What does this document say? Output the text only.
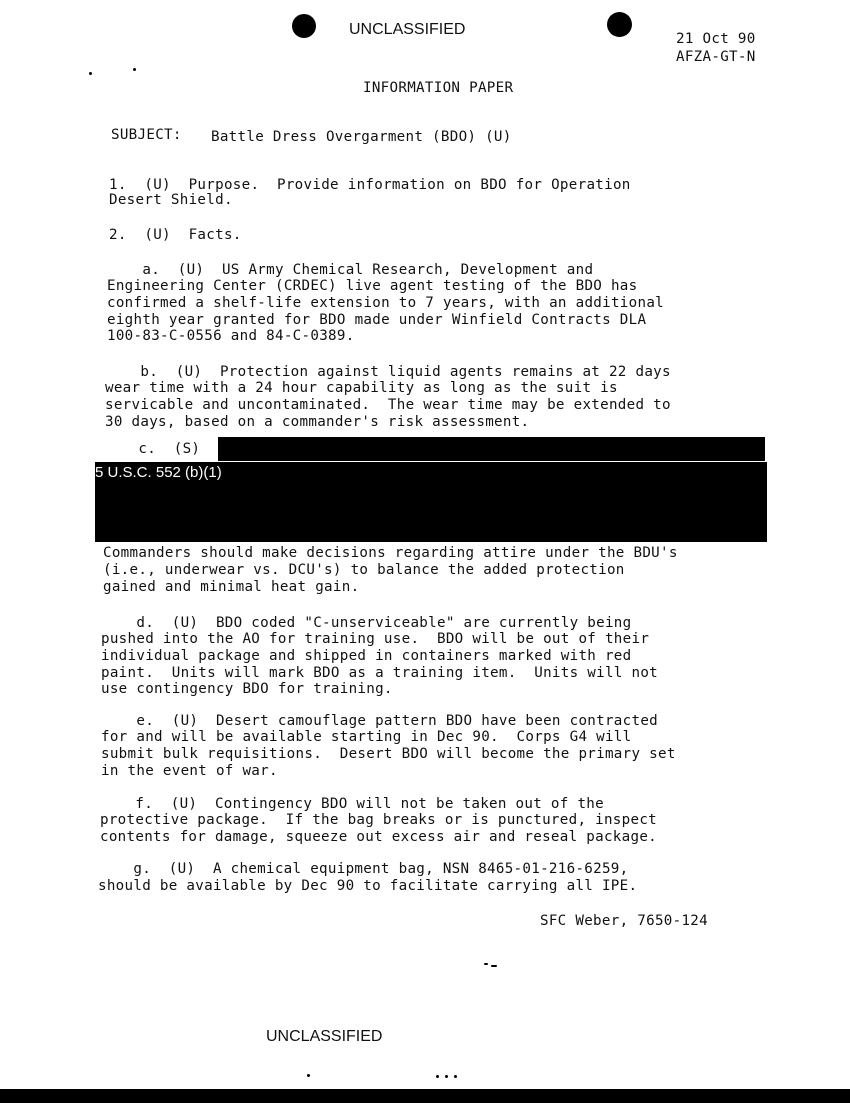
UNCLASSIFIED
21 Oct 90
AFZA-GT-N
INFORMATION PAPER
SUBJECT: Battle Dress Overgarment (BDO) (U)

1.  (U)  Purpose.  Provide information on BDO for Operation

Desert Shield.

2.  (U)  Facts.

a.  (U)  US Army Chemical Research, Development and

Engineering Center (CRDEC) live agent testing of the BDO has

confirmed a shelf-life extension to 7 years, with an additional

eighth year granted for BDO made under Winfield Contracts DLA

100-83-C-0556 and 84-C-0389.

b.  (U)  Protection against liquid agents remains at 22 days

wear time with a 24 hour capability as long as the suit is

servicable and uncontaminated.  The wear time may be extended to

30 days, based on a commander's risk assessment.

c.  (S)
5 U.S.C. 552 (b)(1)

Commanders should make decisions regarding attire under the BDU's

(i.e., underwear vs. DCU's) to balance the added protection

gained and minimal heat gain.

d.  (U)  BDO coded "C-unserviceable" are currently being

pushed into the AO for training use.  BDO will be out of their

individual package and shipped in containers marked with red

paint.  Units will mark BDO as a training item.  Units will not

use contingency BDO for training.

e.  (U)  Desert camouflage pattern BDO have been contracted

for and will be available starting in Dec 90.  Corps G4 will

submit bulk requisitions.  Desert BDO will become the primary set

in the event of war.

f.  (U)  Contingency BDO will not be taken out of the

protective package.  If the bag breaks or is punctured, inspect

contents for damage, squeeze out excess air and reseal package.

g.  (U)  A chemical equipment bag, NSN 8465-01-216-6259,

should be available by Dec 90 to facilitate carrying all IPE.

SFC Weber, 7650-124
UNCLASSIFIED
